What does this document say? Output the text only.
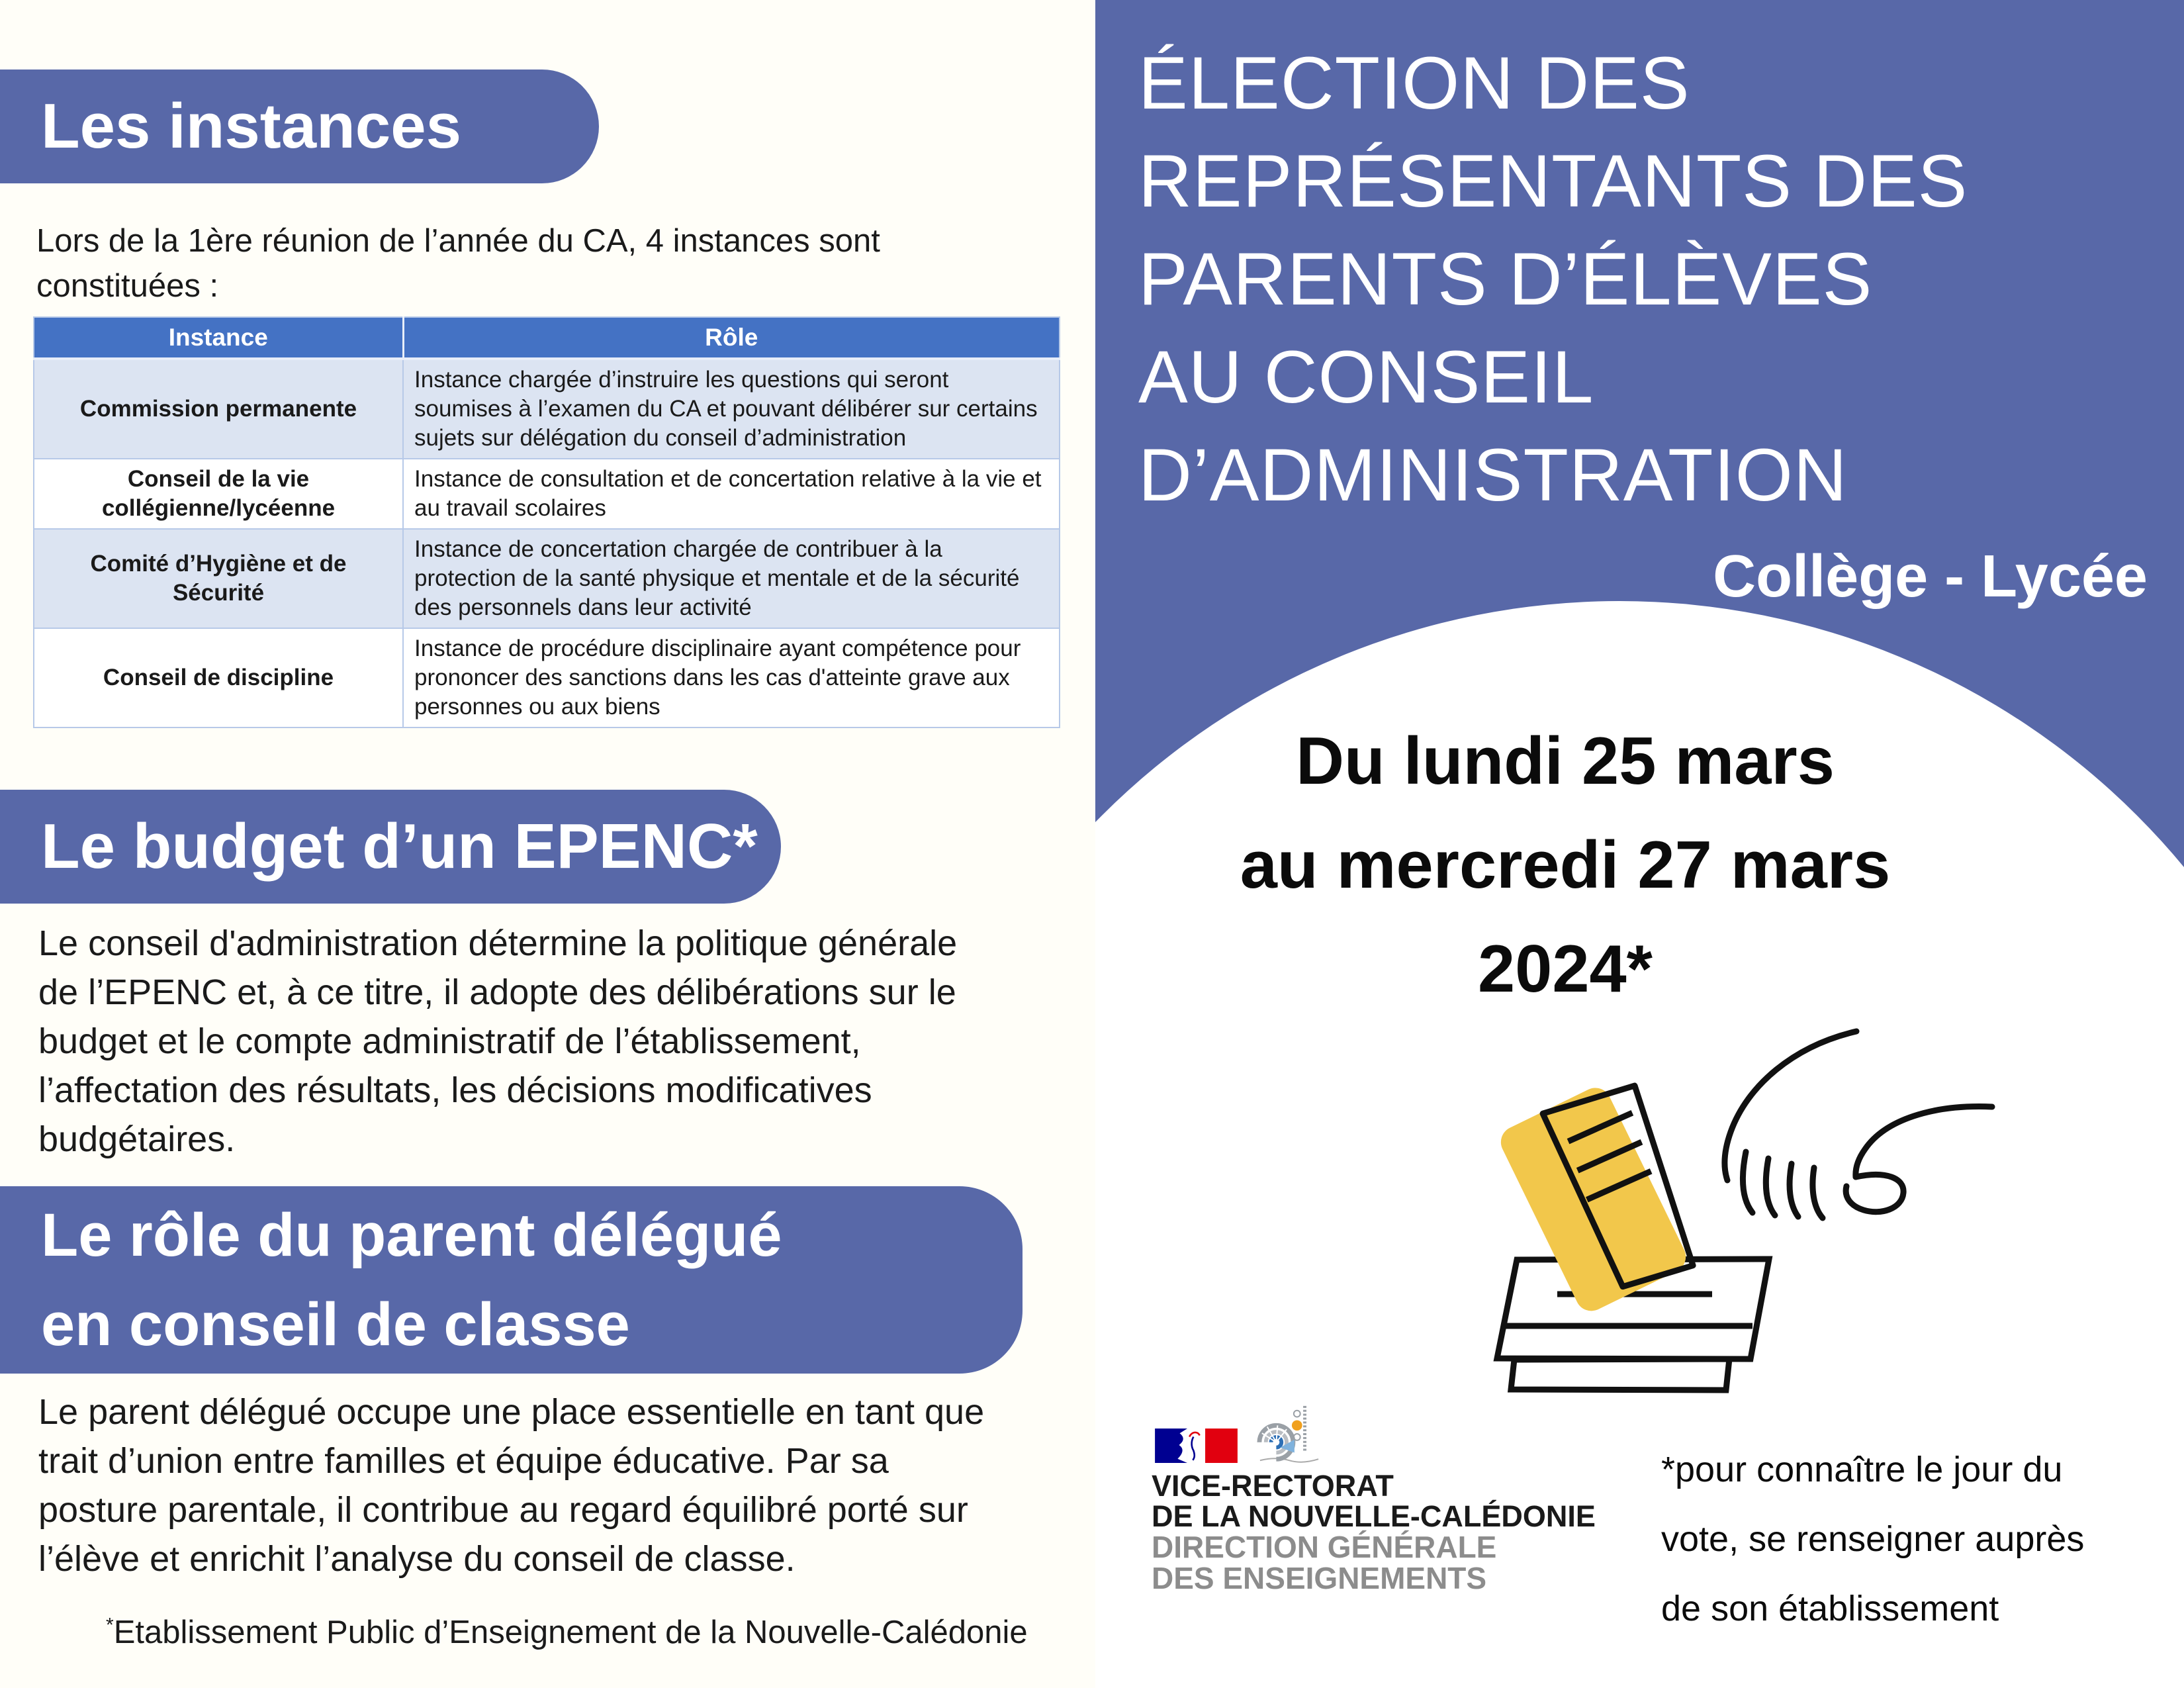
Les instances
Lors de la 1ère réunion de l’année du CA, 4 instances sont
constituées :
Instance	Rôle
Commission permanente	Instance chargée d’instruire les questions qui seront soumises à l’examen du CA et pouvant délibérer sur certains sujets sur délégation du conseil d’administration
Conseil de la vie collégienne/lycéenne	Instance de consultation et de concertation relative à la vie et au travail scolaires
Comité d’Hygiène et de Sécurité	Instance de concertation chargée de contribuer à la protection de la santé physique et mentale et de la sécurité des personnels dans leur activité
Conseil de discipline	Instance de procédure disciplinaire ayant compétence pour prononcer des sanctions dans les cas d'atteinte grave aux personnes ou aux biens
Le budget d’un EPENC*
Le conseil d'administration détermine la politique générale
de l’EPENC et, à ce titre, il adopte des délibérations sur le
budget et le compte administratif de l’établissement,
l’affectation des résultats, les décisions modificatives
budgétaires.
Le rôle du parent délégué
en conseil de classe
Le parent délégué occupe une place essentielle en tant que
trait d’union entre familles et équipe éducative. Par sa
posture parentale, il contribue au regard équilibré porté sur
l’élève et enrichit l’analyse du conseil de classe.
*Etablissement Public d’Enseignement de la Nouvelle-Calédonie
ÉLECTION DES
REPRÉSENTANTS DES
PARENTS D’ÉLÈVES
AU CONSEIL
D’ADMINISTRATION
Collège - Lycée
Du lundi 25 mars
au mercredi 27 mars
2024*
VICE-RECTORAT
DE LA NOUVELLE-CALÉDONIE
DIRECTION GÉNÉRALE
DES ENSEIGNEMENTS
*pour connaître le jour du
vote, se renseigner auprès
de son établissement
